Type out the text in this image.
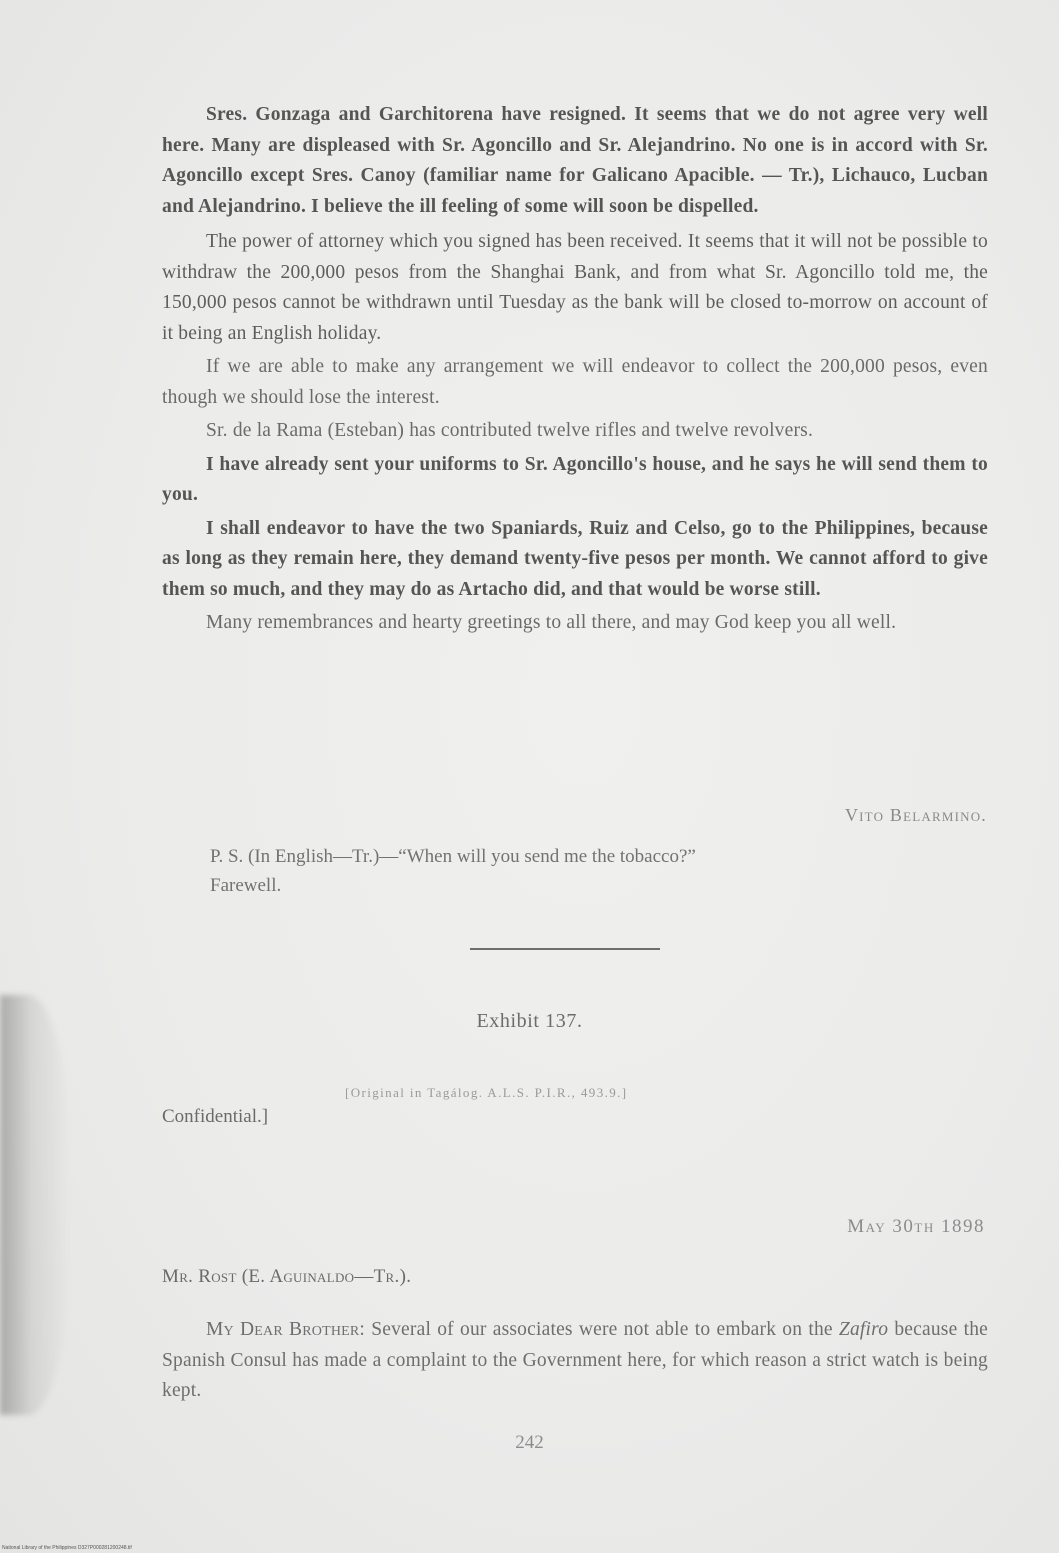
Sres. Gonzaga and Garchitorena have resigned. It seems that we do not agree very well here. Many are displeased with Sr. Agoncillo and Sr. Alejandrino. No one is in accord with Sr. Agoncillo except Sres. Canoy (familiar name for Galicano Apacible. — Tr.), Lichauco, Lucban and Alejandrino. I believe the ill feeling of some will soon be dispelled.

The power of attorney which you signed has been received. It seems that it will not be possible to withdraw the 200,000 pesos from the Shanghai Bank, and from what Sr. Agoncillo told me, the 150,000 pesos cannot be withdrawn until Tuesday as the bank will be closed to-morrow on account of it being an English holiday.

If we are able to make any arrangement we will endeavor to collect the 200,000 pesos, even though we should lose the interest.

Sr. de la Rama (Esteban) has contributed twelve rifles and twelve revolvers.

I have already sent your uniforms to Sr. Agoncillo's house, and he says he will send them to you.

I shall endeavor to have the two Spaniards, Ruiz and Celso, go to the Philippines, because as long as they remain here, they demand twenty-five pesos per month. We cannot afford to give them so much, and they may do as Artacho did, and that would be worse still.

Many remembrances and hearty greetings to all there, and may God keep you all well.

Vito Belarmino.
P. S. (In English—Tr.)—“When will you send me the tobacco?”
Farewell.
Exhibit 137.
[Original in Tagálog. A.L.S. P.I.R., 493.9.]
Confidential.]
May 30th 1898
Mr. Rost (E. Aguinaldo—Tr.).

My Dear Brother: Several of our associates were not able to embark on the Zafiro because the Spanish Consul has made a complaint to the Government here, for which reason a strict watch is being kept.

242
National Library of the Philippines D327P000281200248.tif
